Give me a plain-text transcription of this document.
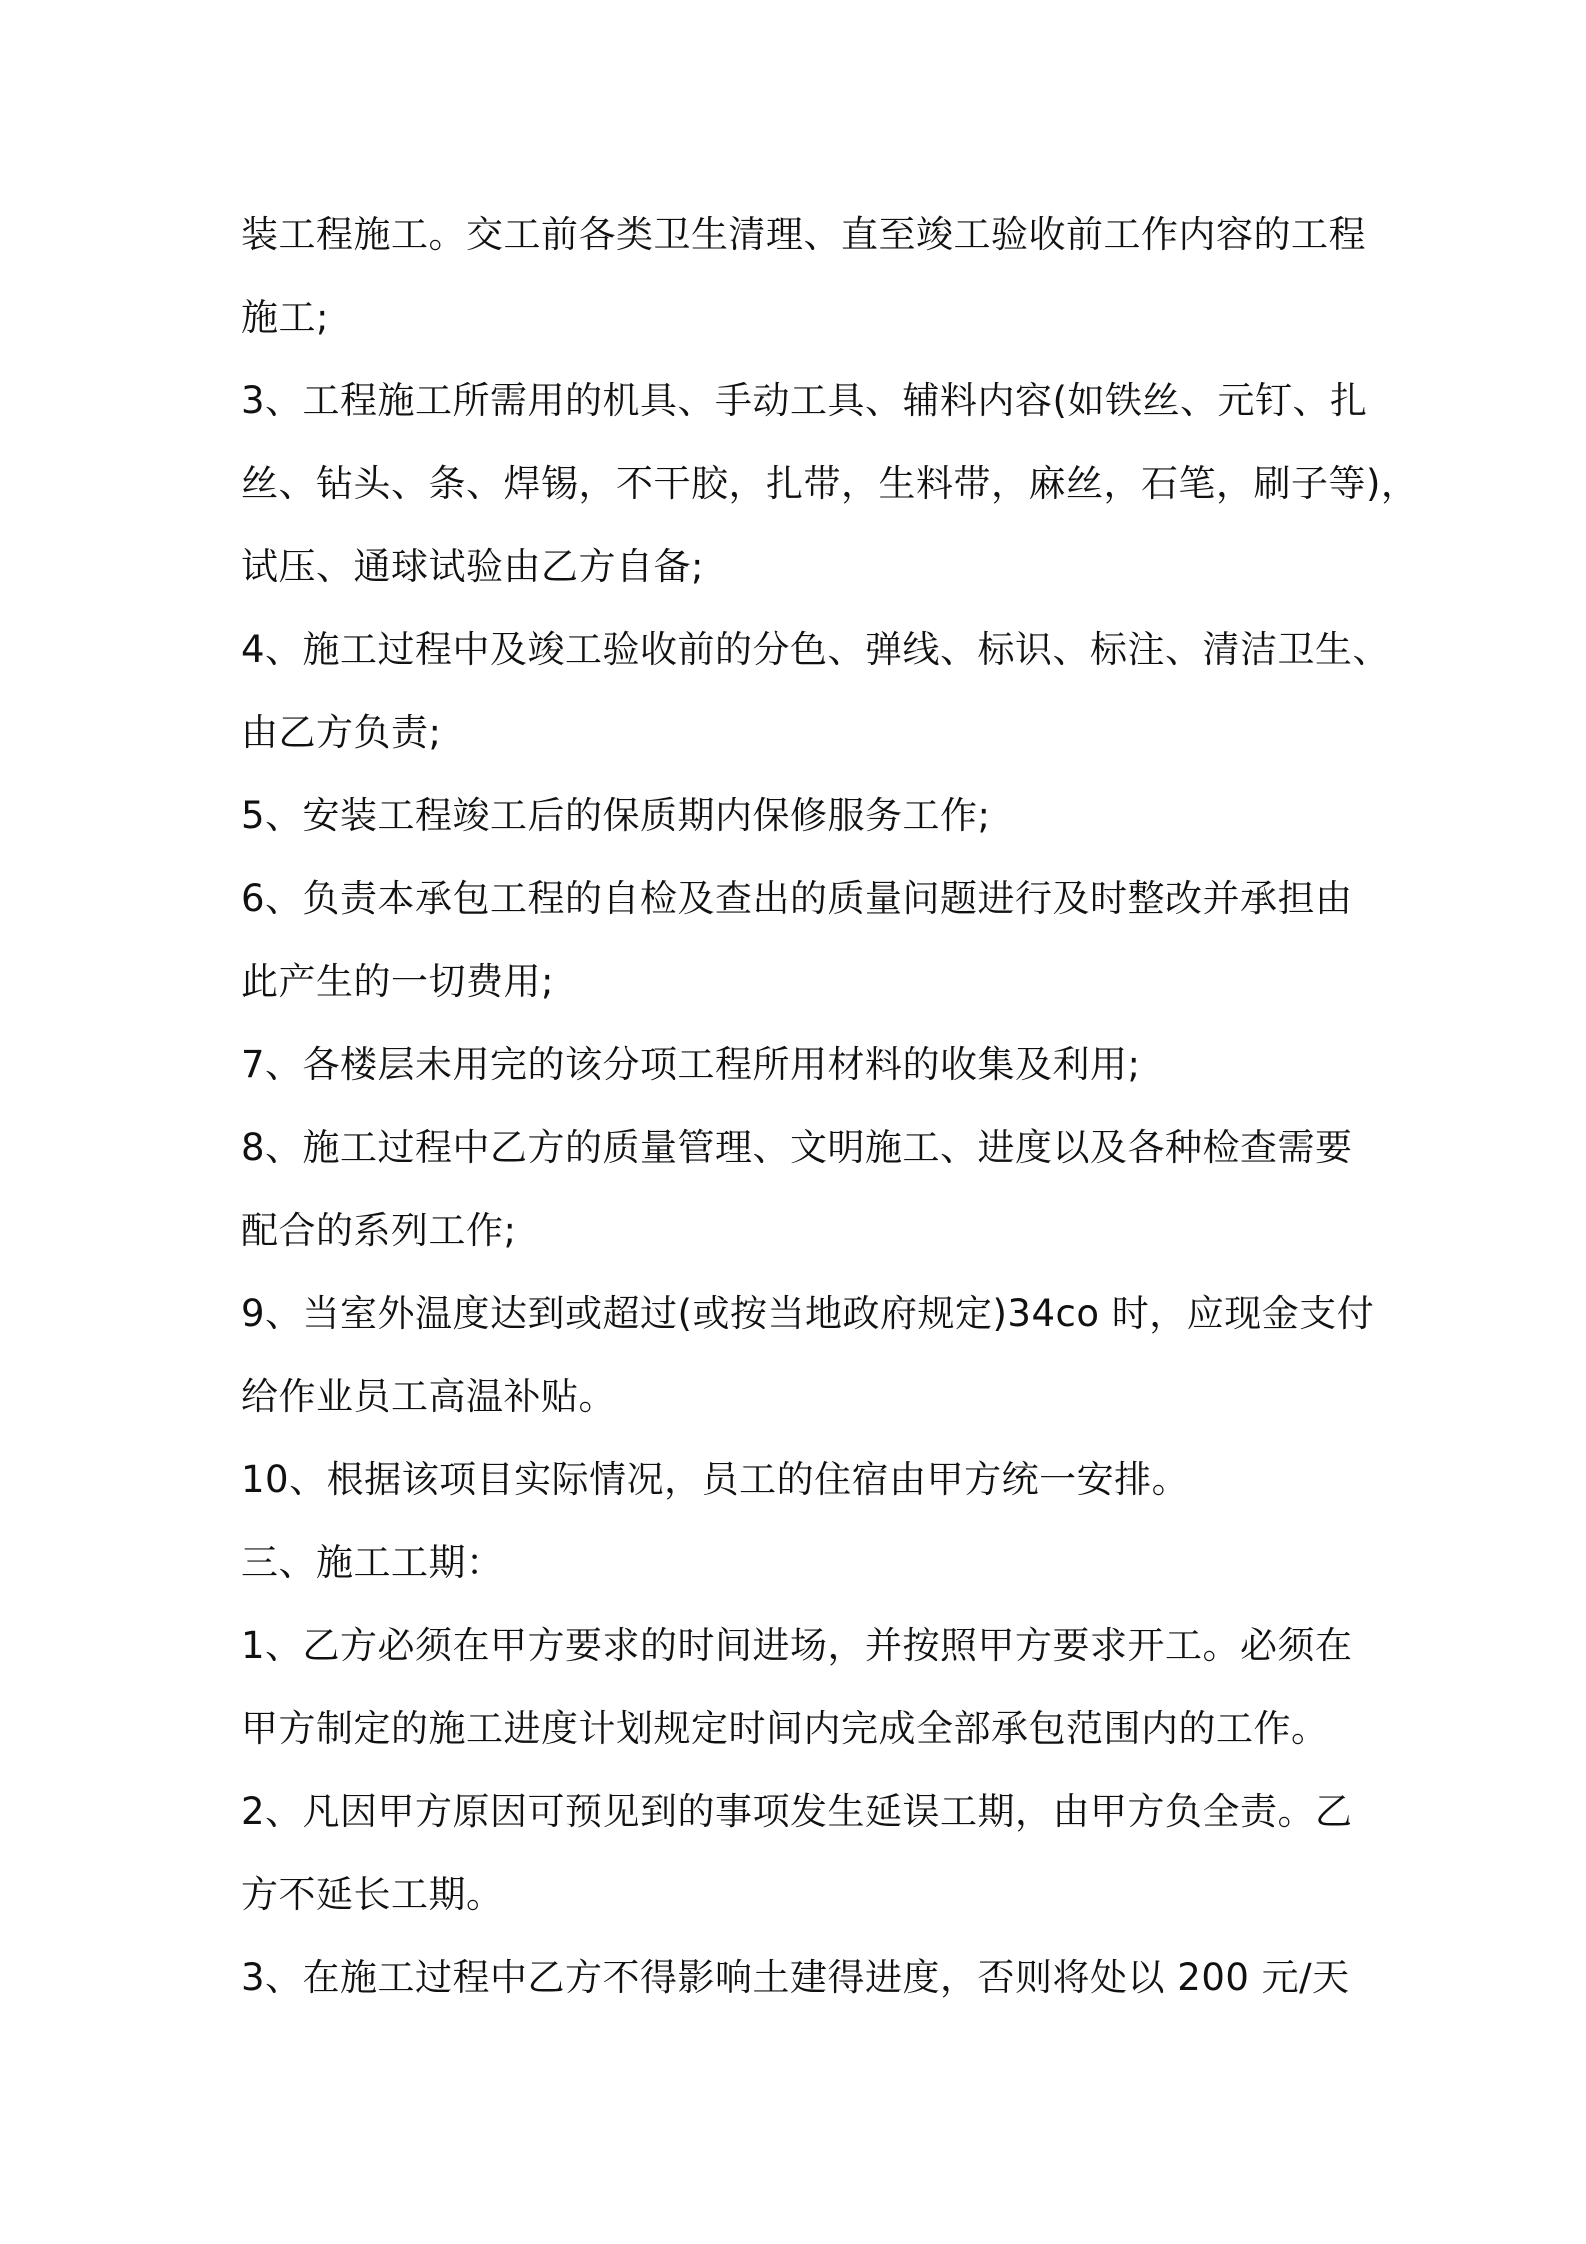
装工程施工。交工前各类卫生清理、直至竣工验收前工作内容的工程
施工;
3、工程施工所需用的机具、手动工具、辅料内容(如铁丝、元钉、扎
丝、钻头、条、焊锡，不干胶，扎带，生料带，麻丝，石笔，刷子等)，
试压、通球试验由乙方自备;
4、施工过程中及竣工验收前的分色、弹线、标识、标注、清洁卫生、
由乙方负责;
5、安装工程竣工后的保质期内保修服务工作;
6、负责本承包工程的自检及查出的质量问题进行及时整改并承担由
此产生的一切费用;
7、各楼层未用完的该分项工程所用材料的收集及利用;
8、施工过程中乙方的质量管理、文明施工、进度以及各种检查需要
配合的系列工作;
9、当室外温度达到或超过(或按当地政府规定)34co 时，应现金支付
给作业员工高温补贴。
10、根据该项目实际情况，员工的住宿由甲方统一安排。
三、施工工期：
1、乙方必须在甲方要求的时间进场，并按照甲方要求开工。必须在
甲方制定的施工进度计划规定时间内完成全部承包范围内的工作。
2、凡因甲方原因可预见到的事项发生延误工期，由甲方负全责。乙
方不延长工期。
3、在施工过程中乙方不得影响土建得进度，否则将处以 200 元/天
